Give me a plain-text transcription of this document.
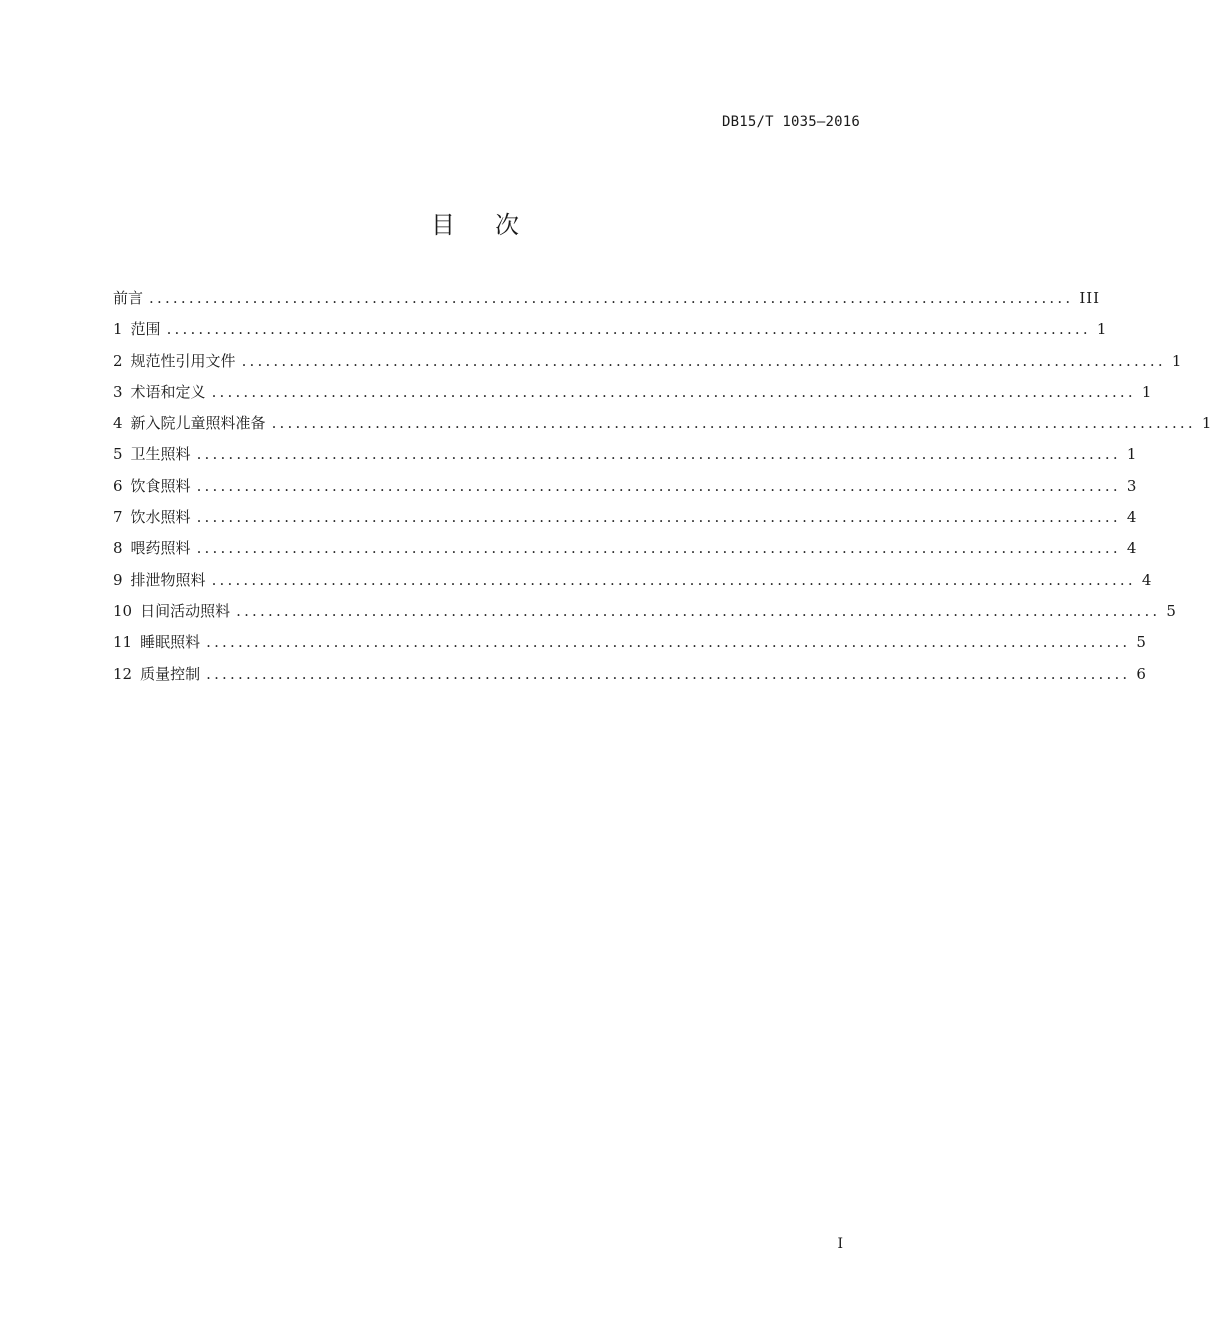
DB15/T 1035—2016
目次
前言 .................................................................................................................... III
1 范围 .................................................................................................................... 1
2 规范性引用文件 .................................................................................................................... 1
3 术语和定义 .................................................................................................................... 1
4 新入院儿童照料准备 .................................................................................................................... 1
5 卫生照料 .................................................................................................................... 1
6 饮食照料 .................................................................................................................... 3
7 饮水照料 .................................................................................................................... 4
8 喂药照料 .................................................................................................................... 4
9 排泄物照料 .................................................................................................................... 4
10 日间活动照料 .................................................................................................................... 5
11 睡眠照料 .................................................................................................................... 5
12 质量控制 .................................................................................................................... 6
I
